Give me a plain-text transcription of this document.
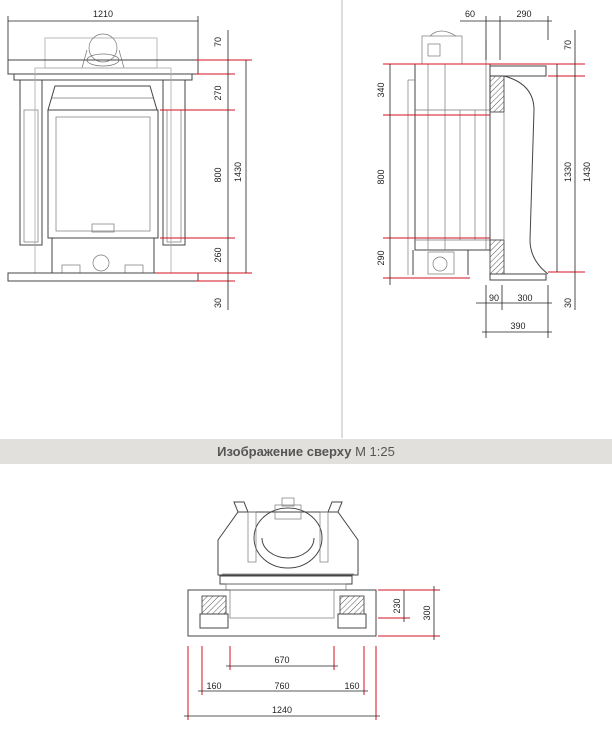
Изображение сверху M 1:25
1210
70
270
800
260
30
1430
60	290
340
800
290
70
1330 1430
30
90 300
390
230 300
670
160	760	160
1240
